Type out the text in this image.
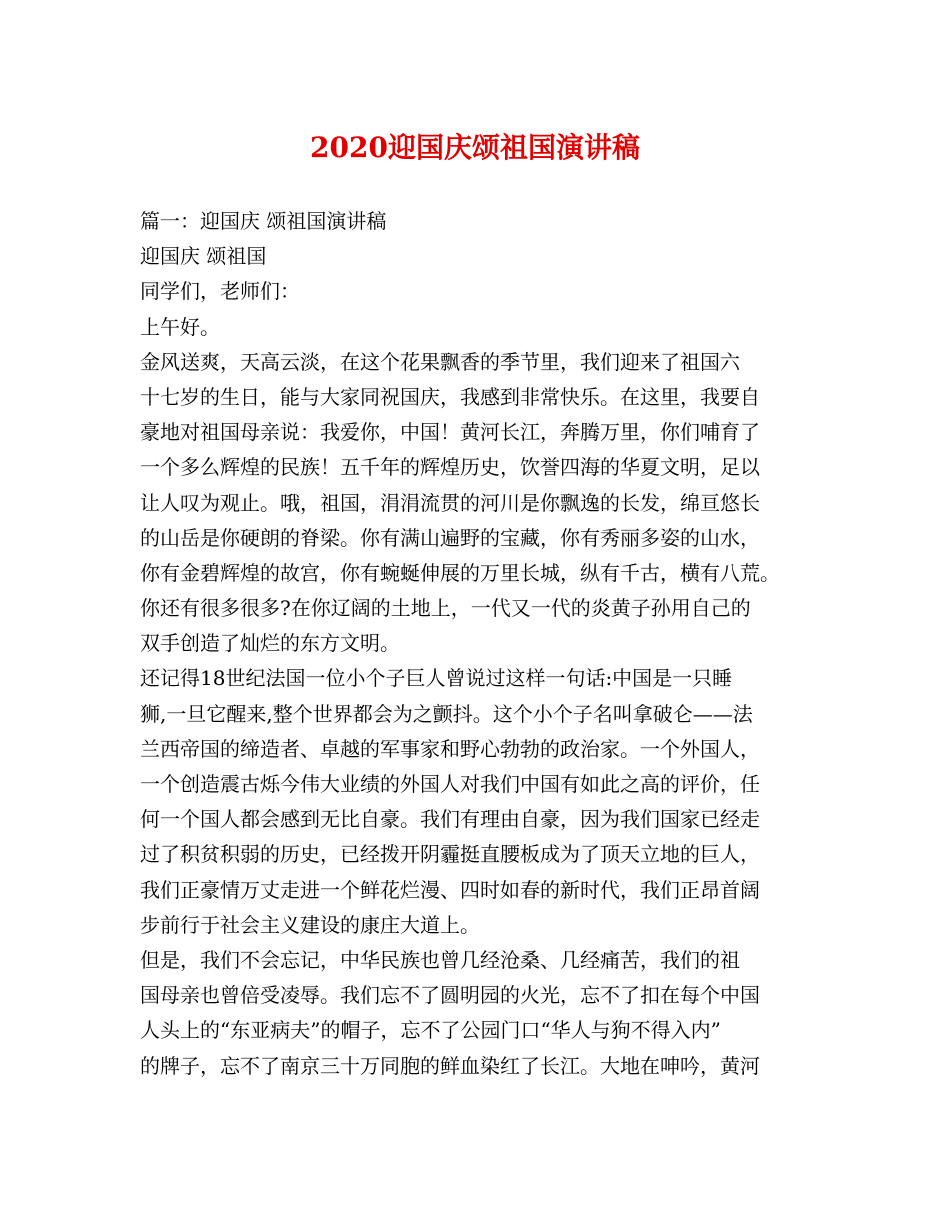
2020迎国庆颂祖国演讲稿
篇一：迎国庆 颂祖国演讲稿
迎国庆 颂祖国
同学们，老师们：
上午好。
金风送爽，天高云淡，在这个花果飘香的季节里，我们迎来了祖国六
十七岁的生日，能与大家同祝国庆，我感到非常快乐。在这里，我要自
豪地对祖国母亲说：我爱你，中国！黄河长江，奔腾万里，你们哺育了
一个多么辉煌的民族！五千年的辉煌历史，饮誉四海的华夏文明，足以
让人叹为观止。哦，祖国，涓涓流贯的河川是你飘逸的长发，绵亘悠长
的山岳是你硬朗的脊梁。你有满山遍野的宝藏，你有秀丽多姿的山水，
你有金碧辉煌的故宫，你有蜿蜒伸展的万里长城，纵有千古，横有八荒。
你还有很多很多?在你辽阔的土地上，一代又一代的炎黄子孙用自己的
双手创造了灿烂的东方文明。
还记得18世纪法国一位小个子巨人曾说过这样一句话:中国是一只睡
狮,一旦它醒来,整个世界都会为之颤抖。这个小个子名叫拿破仑——法
兰西帝国的缔造者、卓越的军事家和野心勃勃的政治家。一个外国人，
一个创造震古烁今伟大业绩的外国人对我们中国有如此之高的评价，任
何一个国人都会感到无比自豪。我们有理由自豪，因为我们国家已经走
过了积贫积弱的历史，已经拨开阴霾挺直腰板成为了顶天立地的巨人，
我们正豪情万丈走进一个鲜花烂漫、四时如春的新时代，我们正昂首阔
步前行于社会主义建设的康庄大道上。
但是，我们不会忘记，中华民族也曾几经沧桑、几经痛苦，我们的祖
国母亲也曾倍受凌辱。我们忘不了圆明园的火光，忘不了扣在每个中国
人头上的“东亚病夫”的帽子，忘不了公园门口“华人与狗不得入内”
的牌子，忘不了南京三十万同胞的鲜血染红了长江。大地在呻吟，黄河
